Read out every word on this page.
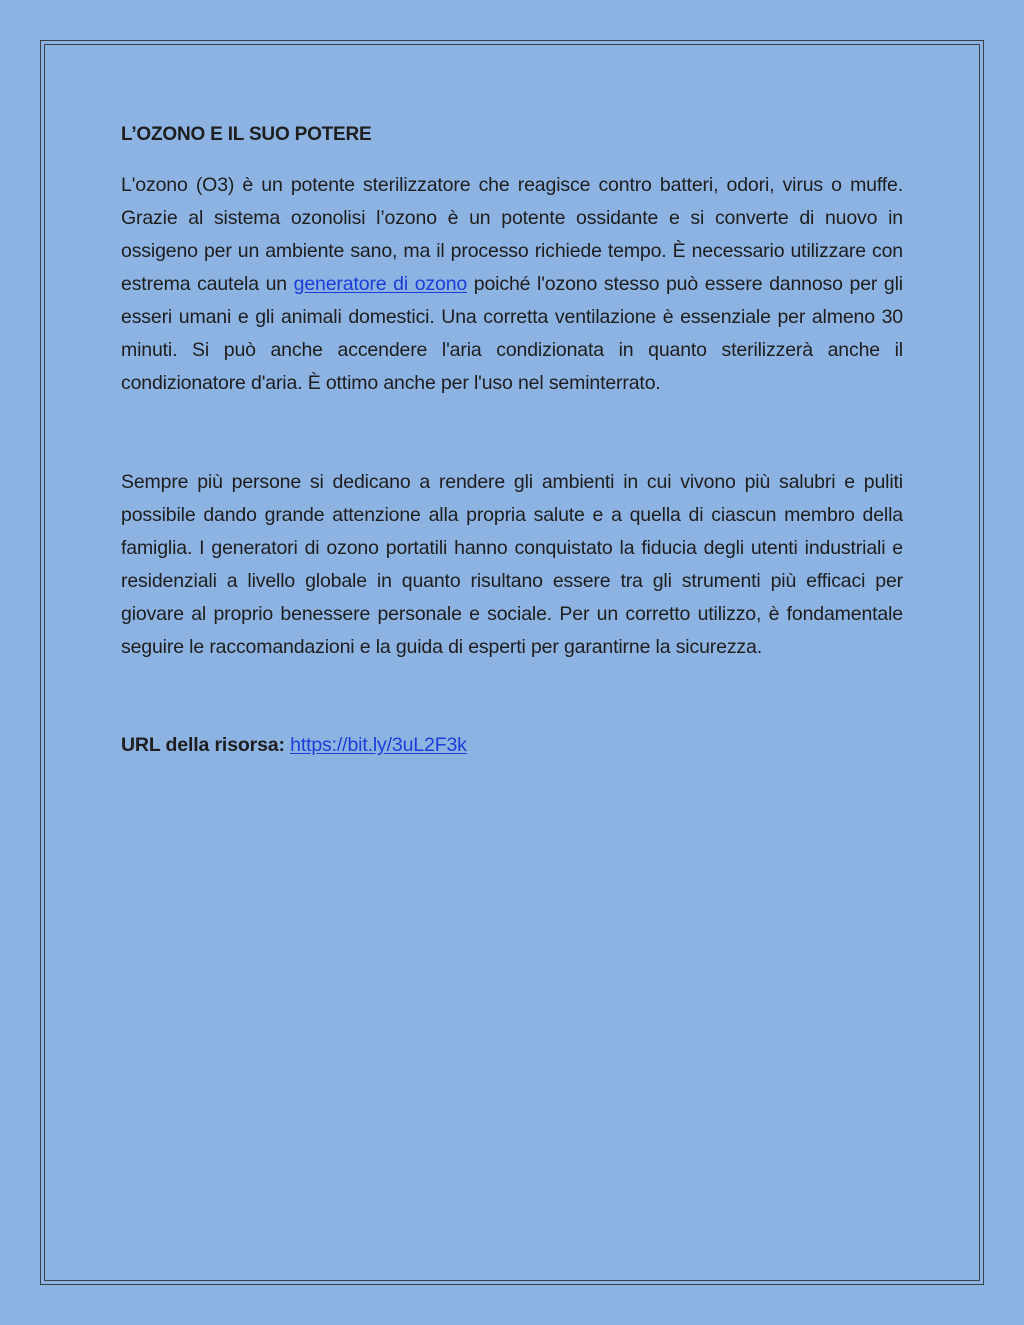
L’OZONO E IL SUO POTERE

L'ozono (O3) è un potente sterilizzatore che reagisce contro batteri, odori, virus o muffe. Grazie al sistema ozonolisi l’ozono è un potente ossidante e si converte di nuovo in ossigeno per un ambiente sano, ma il processo richiede tempo. È necessario utilizzare con estrema cautela un generatore di ozono poiché l'ozono stesso può essere dannoso per gli esseri umani e gli animali domestici. Una corretta ventilazione è essenziale per almeno 30 minuti. Si può anche accendere l'aria condizionata in quanto sterilizzerà anche il condizionatore d'aria. È ottimo anche per l'uso nel seminterrato.

Sempre più persone si dedicano a rendere gli ambienti in cui vivono più salubri e puliti possibile dando grande attenzione alla propria salute e a quella di ciascun membro della famiglia. I generatori di ozono portatili hanno conquistato la fiducia degli utenti industriali e residenziali a livello globale in quanto risultano essere tra gli strumenti più efficaci per giovare al proprio benessere personale e sociale. Per un corretto utilizzo, è fondamentale seguire le raccomandazioni e la guida di esperti per garantirne la sicurezza.

URL della risorsa: https://bit.ly/3uL2F3k
